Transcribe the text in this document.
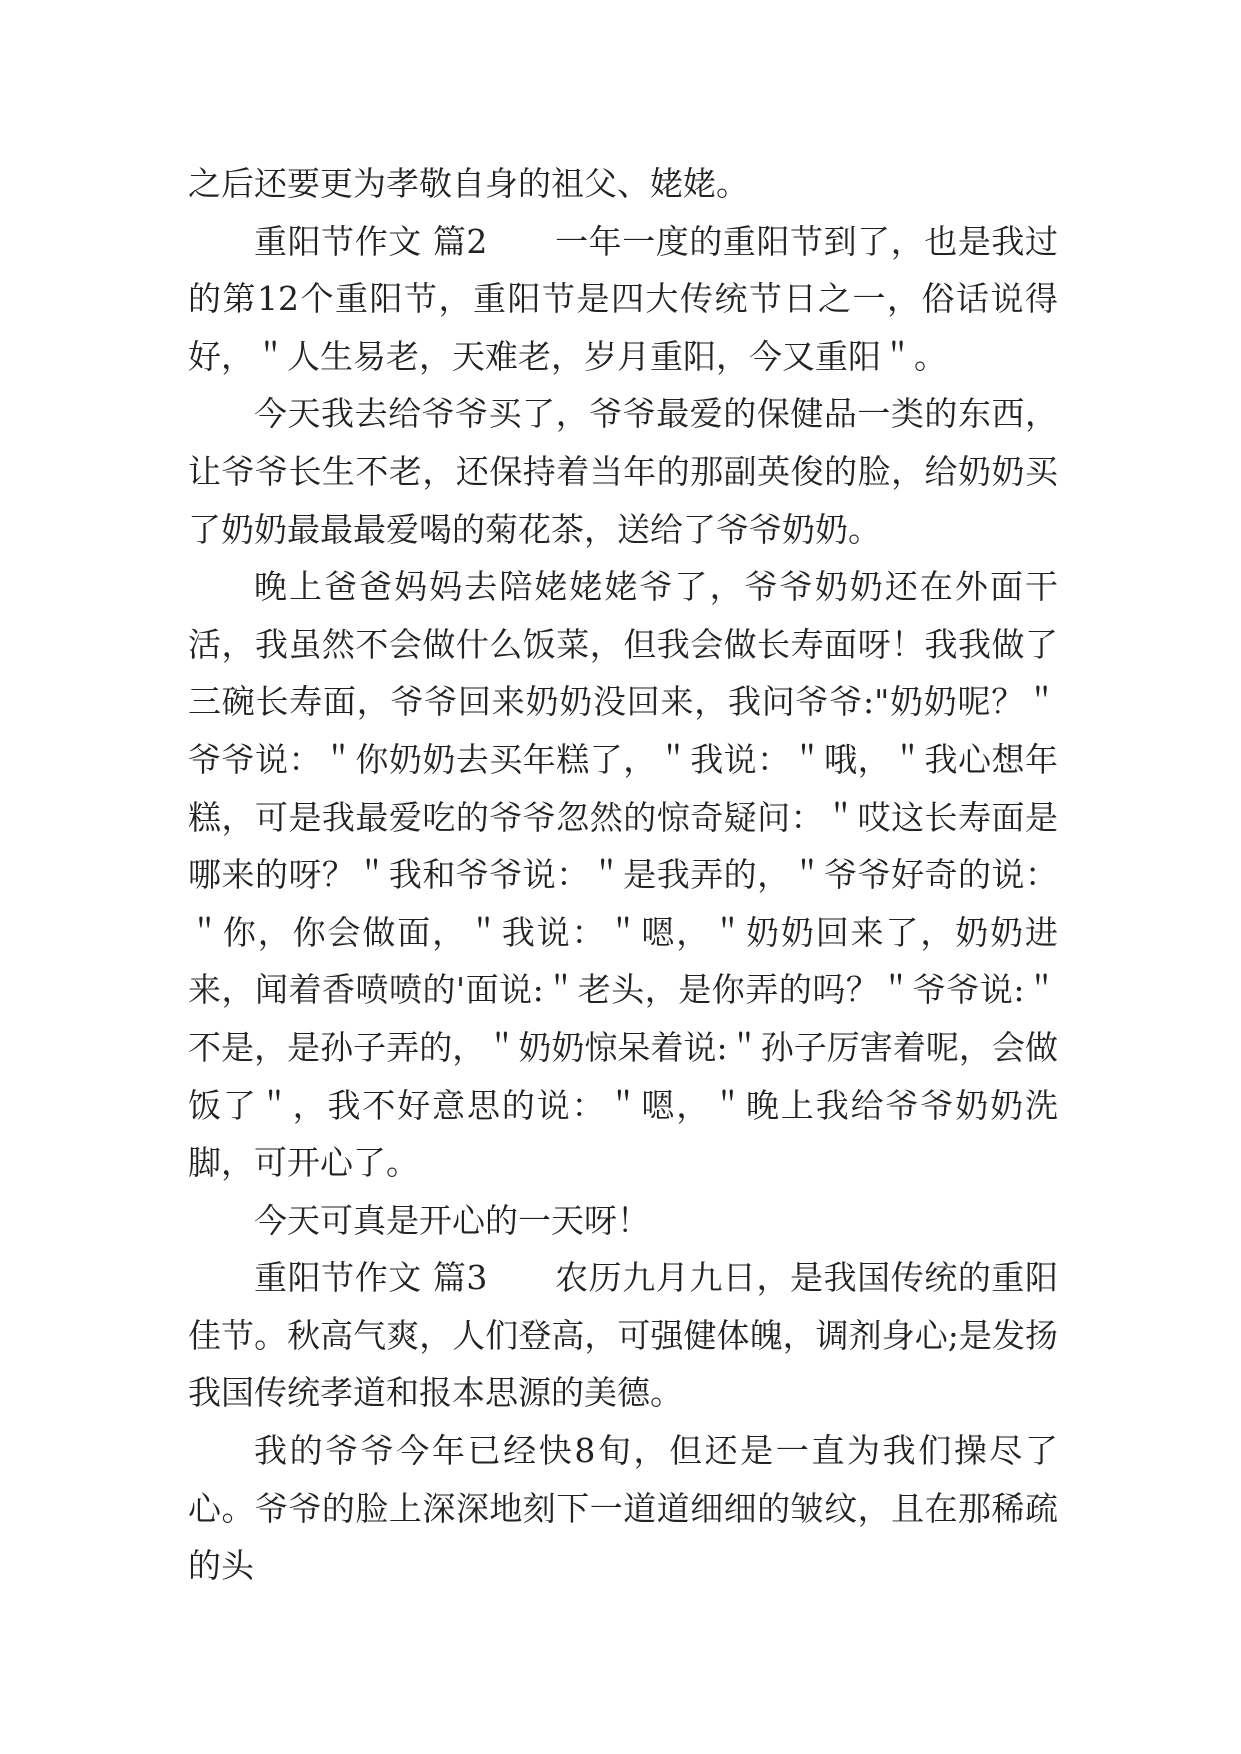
之后还要更为孝敬自身的祖父、姥姥。

重阳节作文 篇2　　一年一度的重阳节到了，也是我过的第12个重阳节，重阳节是四大传统节日之一，俗话说得好，＂人生易老，天难老，岁月重阳，今又重阳＂。

今天我去给爷爷买了，爷爷最爱的保健品一类的东西，让爷爷长生不老，还保持着当年的那副英俊的脸，给奶奶买了奶奶最最最爱喝的菊花茶，送给了爷爷奶奶。

晚上爸爸妈妈去陪姥姥姥爷了，爷爷奶奶还在外面干活，我虽然不会做什么饭菜，但我会做长寿面呀！我我做了三碗长寿面，爷爷回来奶奶没回来，我问爷爷:"奶奶呢？＂爷爷说：＂你奶奶去买年糕了，＂我说：＂哦，＂我心想年糕，可是我最爱吃的爷爷忽然的惊奇疑问：＂哎这长寿面是哪来的呀？＂我和爷爷说：＂是我弄的，＂爷爷好奇的说：＂你，你会做面，＂我说：＂嗯，＂奶奶回来了，奶奶进来，闻着香喷喷的'面说:＂老头，是你弄的吗？＂爷爷说:＂不是，是孙子弄的，＂奶奶惊呆着说:＂孙子厉害着呢，会做饭了＂，我不好意思的说：＂嗯，＂晚上我给爷爷奶奶洗脚，可开心了。

今天可真是开心的一天呀！

重阳节作文 篇3　　农历九月九日，是我国传统的重阳佳节。秋高气爽，人们登高，可强健体魄，调剂身心;是发扬我国传统孝道和报本思源的美德。

我的爷爷今年已经快8旬，但还是一直为我们操尽了心。爷爷的脸上深深地刻下一道道细细的皱纹，且在那稀疏的头
